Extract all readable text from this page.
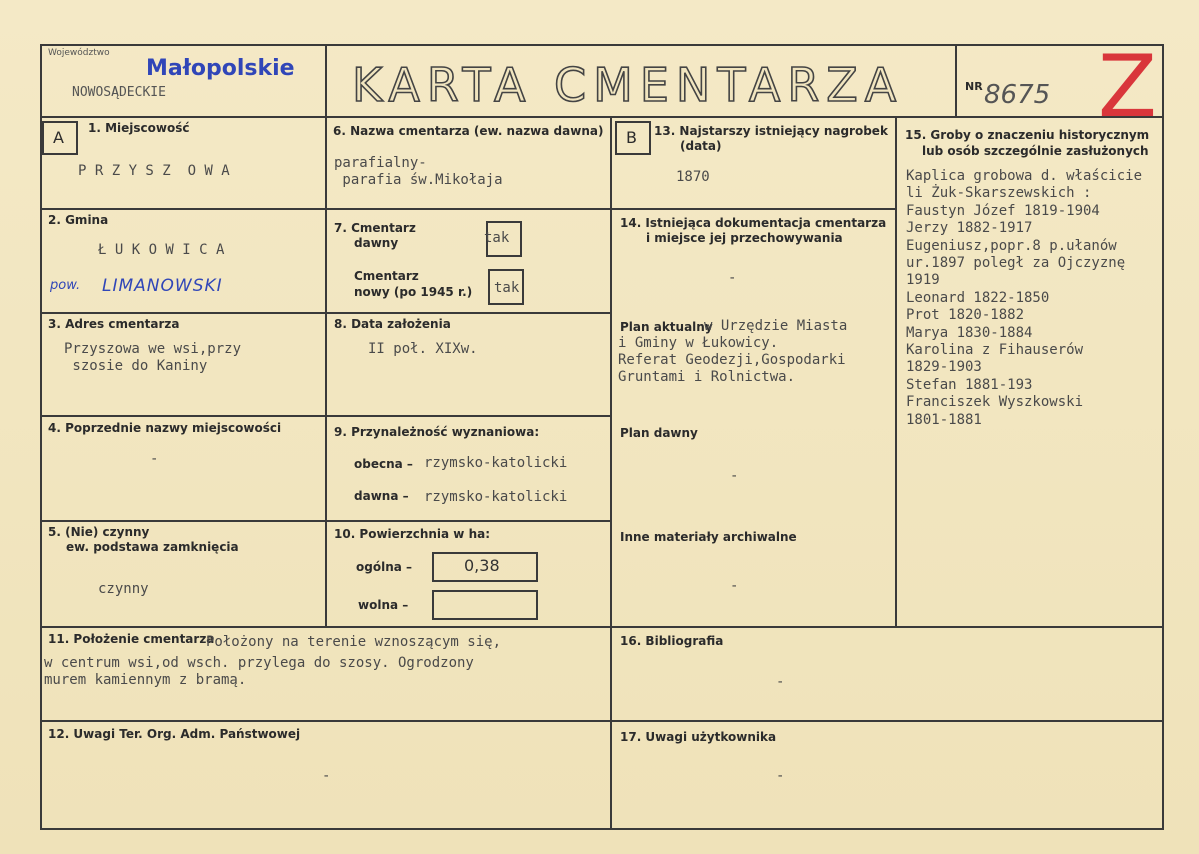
Województwo
Małopolskie
NOWOSĄDECKIE	KARTA CMENTARZA	NR 8675 Z
A 1. Miejscowość
P R Z Y S Z  O W A
2. Gmina
Ł U K O W I C A
pow. LIMANOWSKI
3. Adres cmentarza
Przyszowa we wsi,przy
szosie do Kaniny
4. Poprzednie nazwy miejscowości
-
5. (Nie) czynny
ew. podstawa zamknięcia
czynny
6. Nazwa cmentarza (ew. nazwa dawna)
parafialny-
parafia św.Mikołaja
7. Cmentarz
dawny	tak
Cmentarz
nowy (po 1945 r.) tak
8. Data założenia
II poł. XIXw.
9. Przynależność wyznaniowa:
obecna – rzymsko-katolicki
dawna – rzymsko-katolicki
10. Powierzchnia w ha:
ogólna –	0,38
wolna –
11. Położenie cmentarza
Położony na terenie wznoszącym się,
w centrum wsi,od wsch. przylega do szosy. Ogrodzony
murem kamiennym z bramą.
12. Uwagi Ter. Org. Adm. Państwowej
-
B 13. Najstarszy istniejący nagrobek
(data)
1870
14. Istniejąca dokumentacja cmentarza
i miejsce jej przechowywania
-
Plan aktualny
w Urzędzie Miasta
i Gminy w Łukowicy.
Referat Geodezji,Gospodarki
Gruntami i Rolnictwa.
Plan dawny
-
Inne materiały archiwalne
-
15. Groby o znaczeniu historycznym
lub osób szczególnie zasłużonych
Kaplica grobowa d. właścicie
li Żuk-Skarszewskich :
Faustyn Józef 1819-1904
Jerzy 1882-1917
Eugeniusz,popr.8 p.ułanów
ur.1897 poległ za Ojczyznę
1919
Leonard 1822-1850
Prot 1820-1882
Marya 1830-1884
Karolina z Fihauserów
1829-1903
Stefan 1881-193
Franciszek Wyszkowski
1801-1881
16. Bibliografia
-
17. Uwagi użytkownika
-
